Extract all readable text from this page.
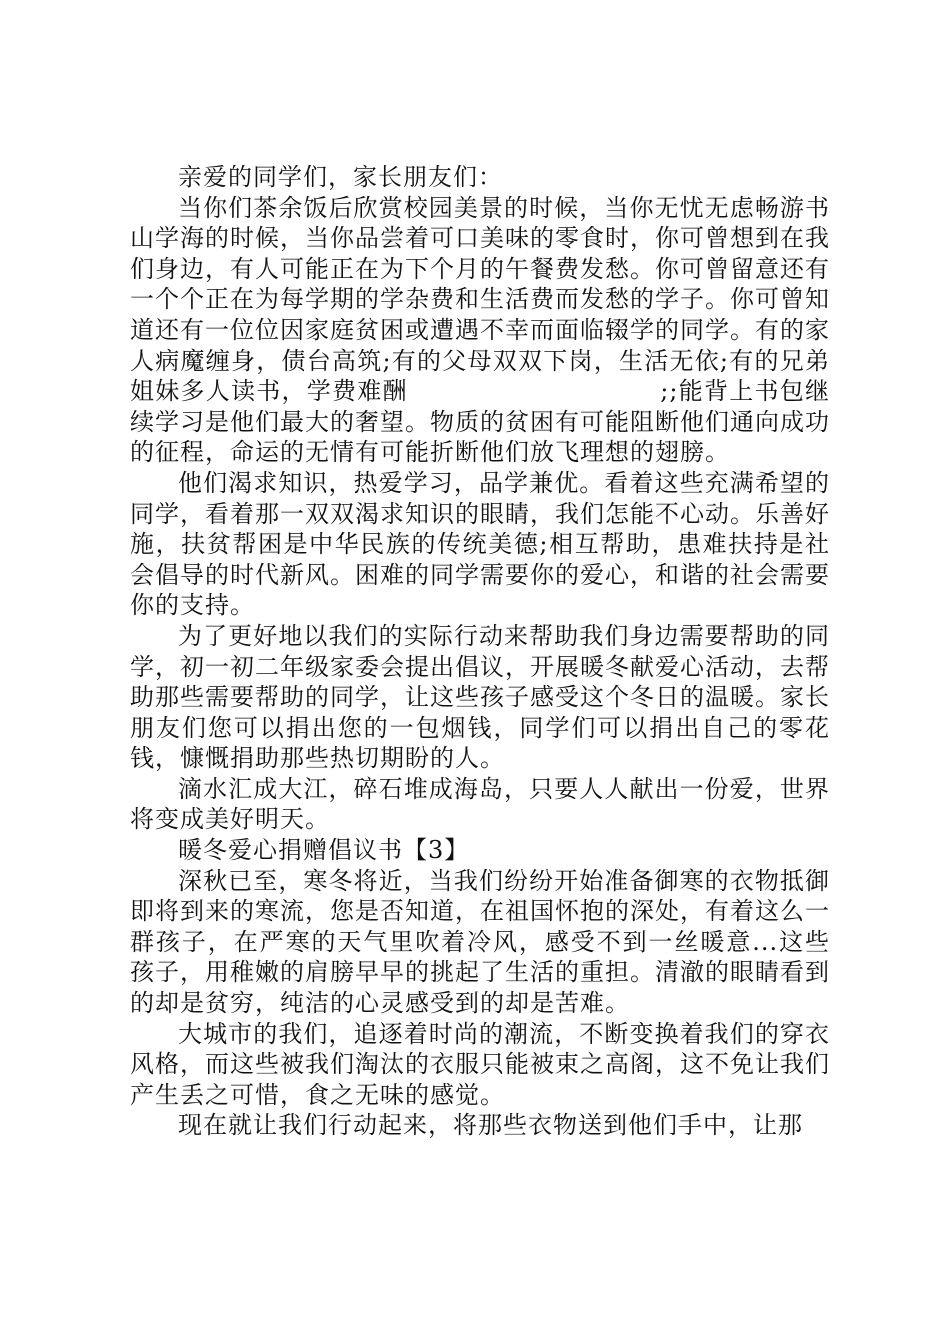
亲爱的同学们，家长朋友们：

当你们茶余饭后欣赏校园美景的时候，当你无忧无虑畅游书山学海的时候，当你品尝着可口美味的零食时，你可曾想到在我们身边，有人可能正在为下个月的午餐费发愁。你可曾留意还有一个个正在为每学期的学杂费和生活费而发愁的学子。你可曾知道还有一位位因家庭贫困或遭遇不幸而面临辍学的同学。有的家人病魔缠身，债台高筑;有的父母双双下岗，生活无依;有的兄弟姐妹多人读书，学费难酬　　　　　　　　　　;;能背上书包继续学习是他们最大的奢望。物质的贫困有可能阻断他们通向成功的征程，命运的无情有可能折断他们放飞理想的翅膀。

他们渴求知识，热爱学习，品学兼优。看着这些充满希望的同学，看着那一双双渴求知识的眼睛，我们怎能不心动。乐善好施，扶贫帮困是中华民族的传统美德;相互帮助，患难扶持是社会倡导的时代新风。困难的同学需要你的爱心，和谐的社会需要你的支持。

为了更好地以我们的实际行动来帮助我们身边需要帮助的同学，初一初二年级家委会提出倡议，开展暖冬献爱心活动，去帮助那些需要帮助的同学，让这些孩子感受这个冬日的温暖。家长朋友们您可以捐出您的一包烟钱，同学们可以捐出自己的零花钱，慷慨捐助那些热切期盼的人。

滴水汇成大江，碎石堆成海岛，只要人人献出一份爱，世界将变成美好明天。

暖冬爱心捐赠倡议书【3】

深秋已至，寒冬将近，当我们纷纷开始准备御寒的衣物抵御即将到来的寒流，您是否知道，在祖国怀抱的深处，有着这么一群孩子，在严寒的天气里吹着冷风，感受不到一丝暖意...这些孩子，用稚嫩的肩膀早早的挑起了生活的重担。清澈的眼睛看到的却是贫穷，纯洁的心灵感受到的却是苦难。

大城市的我们，追逐着时尚的潮流，不断变换着我们的穿衣风格，而这些被我们淘汰的衣服只能被束之高阁，这不免让我们产生丢之可惜，食之无味的感觉。

现在就让我们行动起来，将那些衣物送到他们手中，让那
